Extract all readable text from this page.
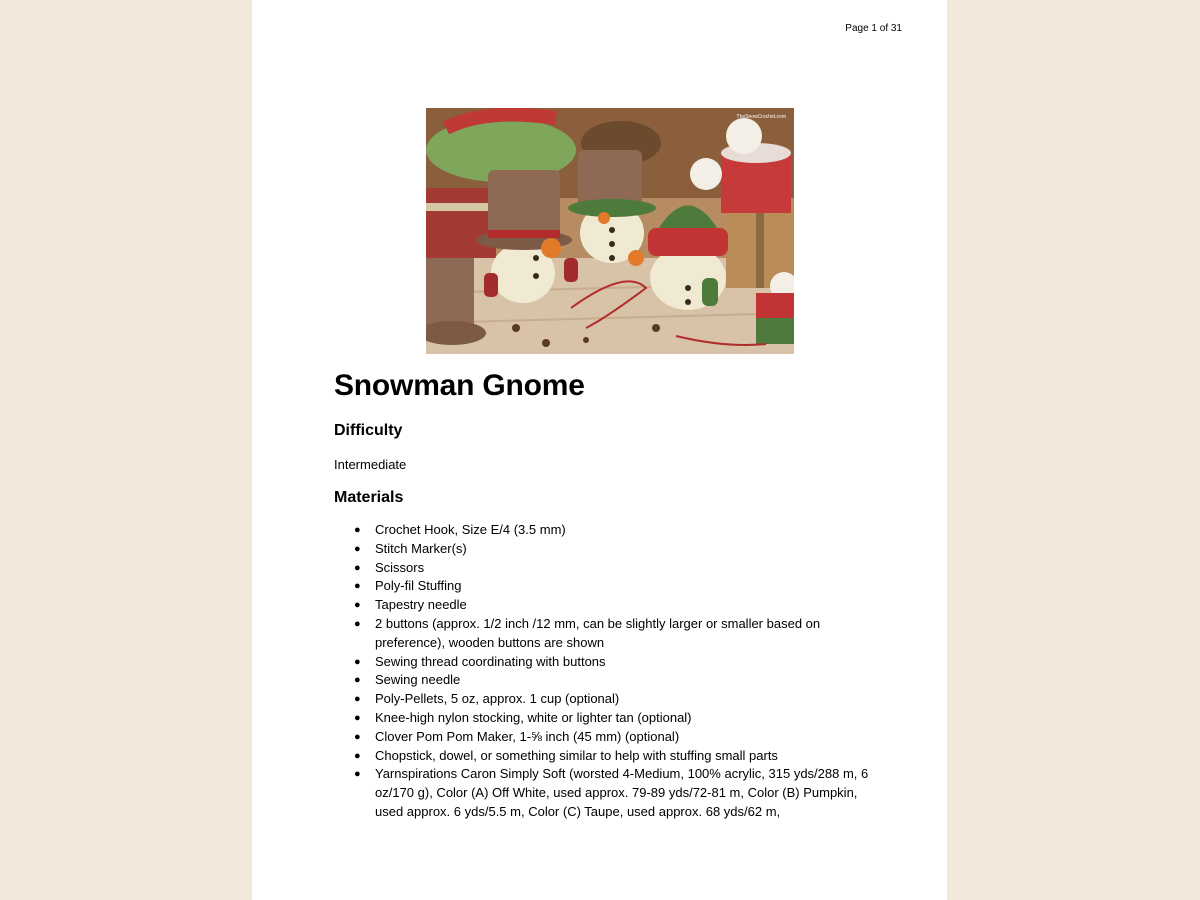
Page 1 of 31
TheSnowCrochet.com
Snowman Gnome
Difficulty
Intermediate
Materials
● Crochet Hook, Size E/4 (3.5 mm)
● Stitch Marker(s)
● Scissors
● Poly-fil Stuffing
● Tapestry needle
● 2 buttons (approx. 1/2 inch /12 mm, can be slightly larger or smaller based on preference), wooden buttons are shown
● Sewing thread coordinating with buttons
● Sewing needle
● Poly-Pellets, 5 oz, approx. 1 cup (optional)
● Knee-high nylon stocking, white or lighter tan (optional)
● Clover Pom Pom Maker, 1-⅝ inch (45 mm) (optional)
● Chopstick, dowel, or something similar to help with stuffing small parts
● Yarnspirations Caron Simply Soft (worsted 4-Medium, 100% acrylic, 315 yds/288 m, 6 oz/170 g), Color (A) Off White, used approx. 79-89 yds/72-81 m, Color (B) Pumpkin, used approx. 6 yds/5.5 m, Color (C) Taupe, used approx. 68 yds/62 m,
